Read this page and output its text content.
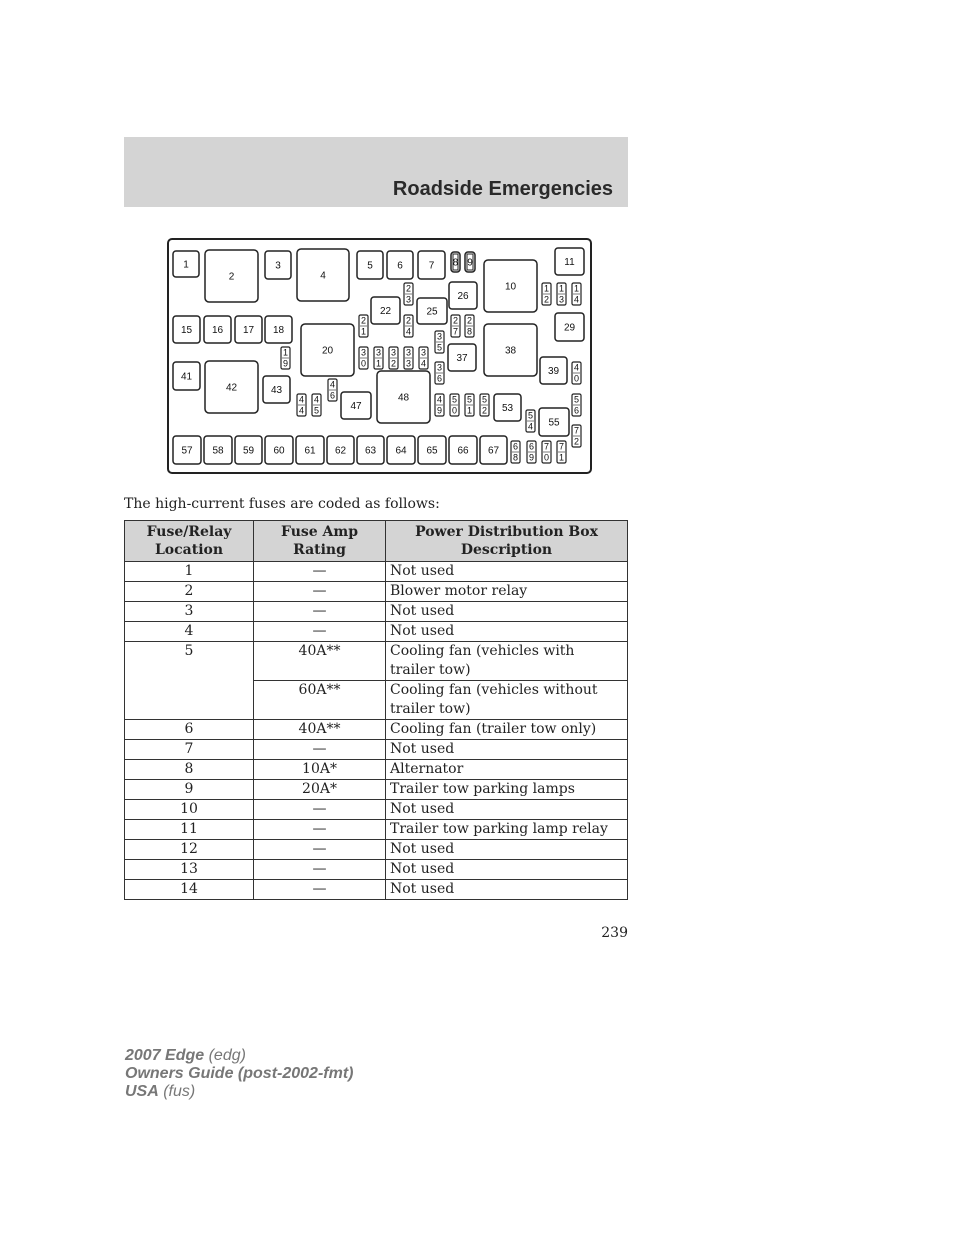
Roadside Emergencies
1
2
3
4
5 6	7 8 9
10
11
15 16 17 18
20
22	25
26
29
37
38
39
41
42	43
47
48
53
55
57 58 59 60 61 62 63 64 65 66 67
1
2
1
3
1
4
1
9
2
1
2
3
2
4
2
7
2
8
3
0
3
1
3
2
3
3
3
4
3
5
3
6
4
0
4
4
4
5
4
6	4
9
5
0
5
1
5
2	5
4
5
6
6
8
6
9
7
0
7
1
7
2
The high-current fuses are coded as follows:
Fuse/Relay Location	Fuse Amp Rating	Power Distribution Box Description
1	—	Not used
2	—	Blower motor relay
3	—	Not used
4	—	Not used
5	40A**	Cooling fan (vehicles with trailer tow)
	60A**	Cooling fan (vehicles without trailer tow)
6	40A**	Cooling fan (trailer tow only)
7	—	Not used
8	10A*	Alternator
9	20A*	Trailer tow parking lamps
10	—	Not used
11	—	Trailer tow parking lamp relay
12	—	Not used
13	—	Not used
14	—	Not used
239
2007 Edge (edg)
Owners Guide (post-2002-fmt)
USA (fus)
